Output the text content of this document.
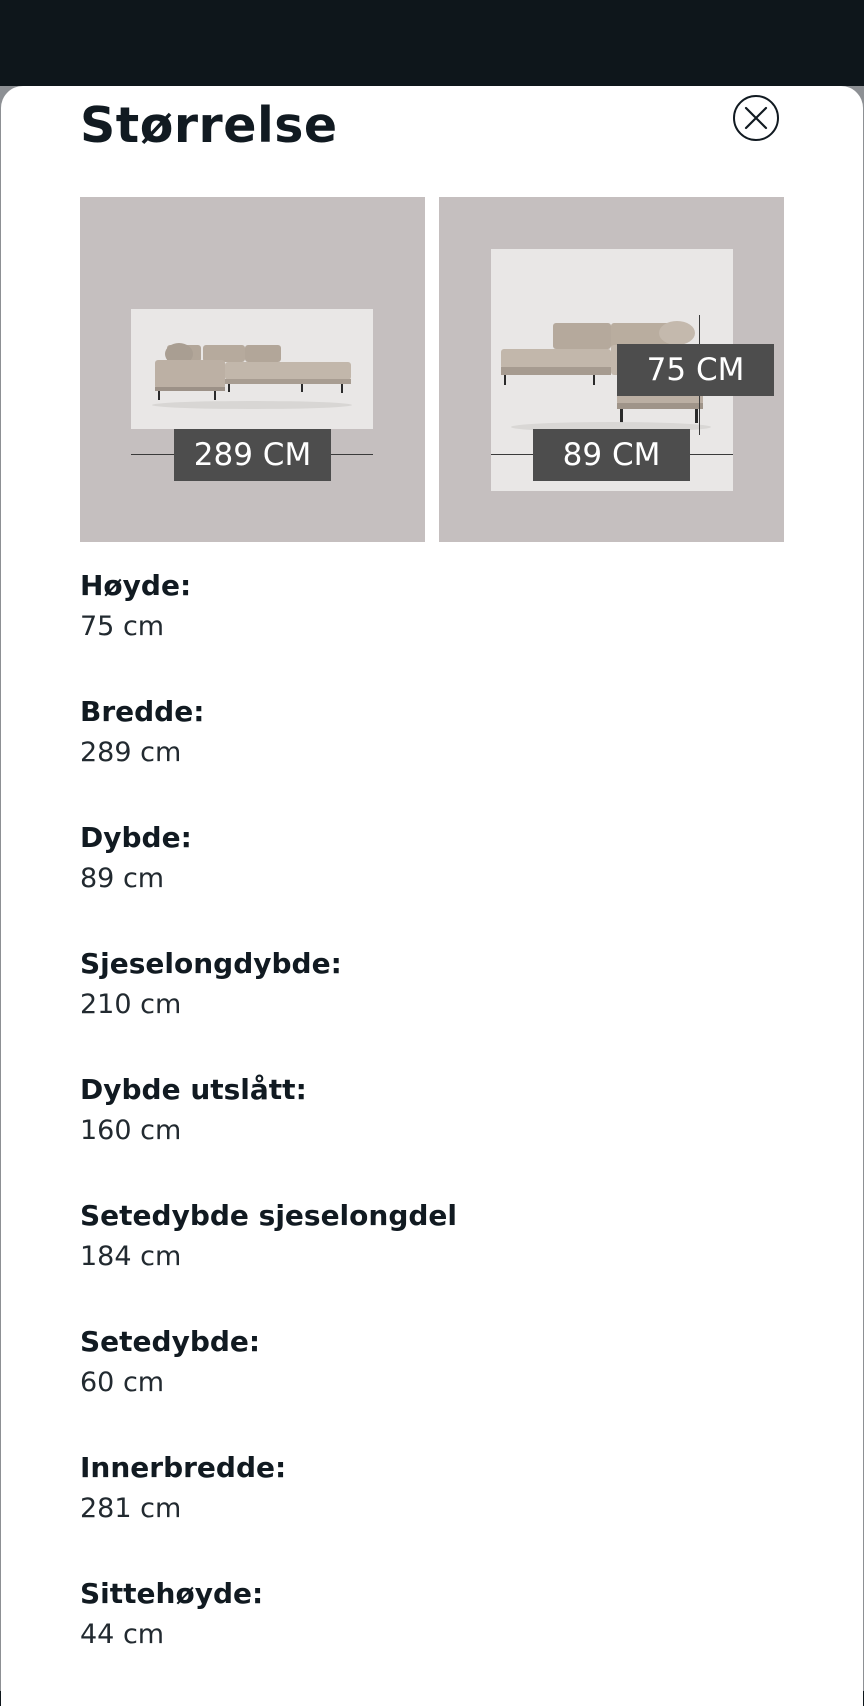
Størrelse
289 CM
75 CM
89 CM
Høyde:
75 cm
Bredde:
289 cm
Dybde:
89 cm
Sjeselongdybde:
210 cm
Dybde utslått:
160 cm
Setedybde sjeselongdel
184 cm
Setedybde:
60 cm
Innerbredde:
281 cm
Sittehøyde:
44 cm
